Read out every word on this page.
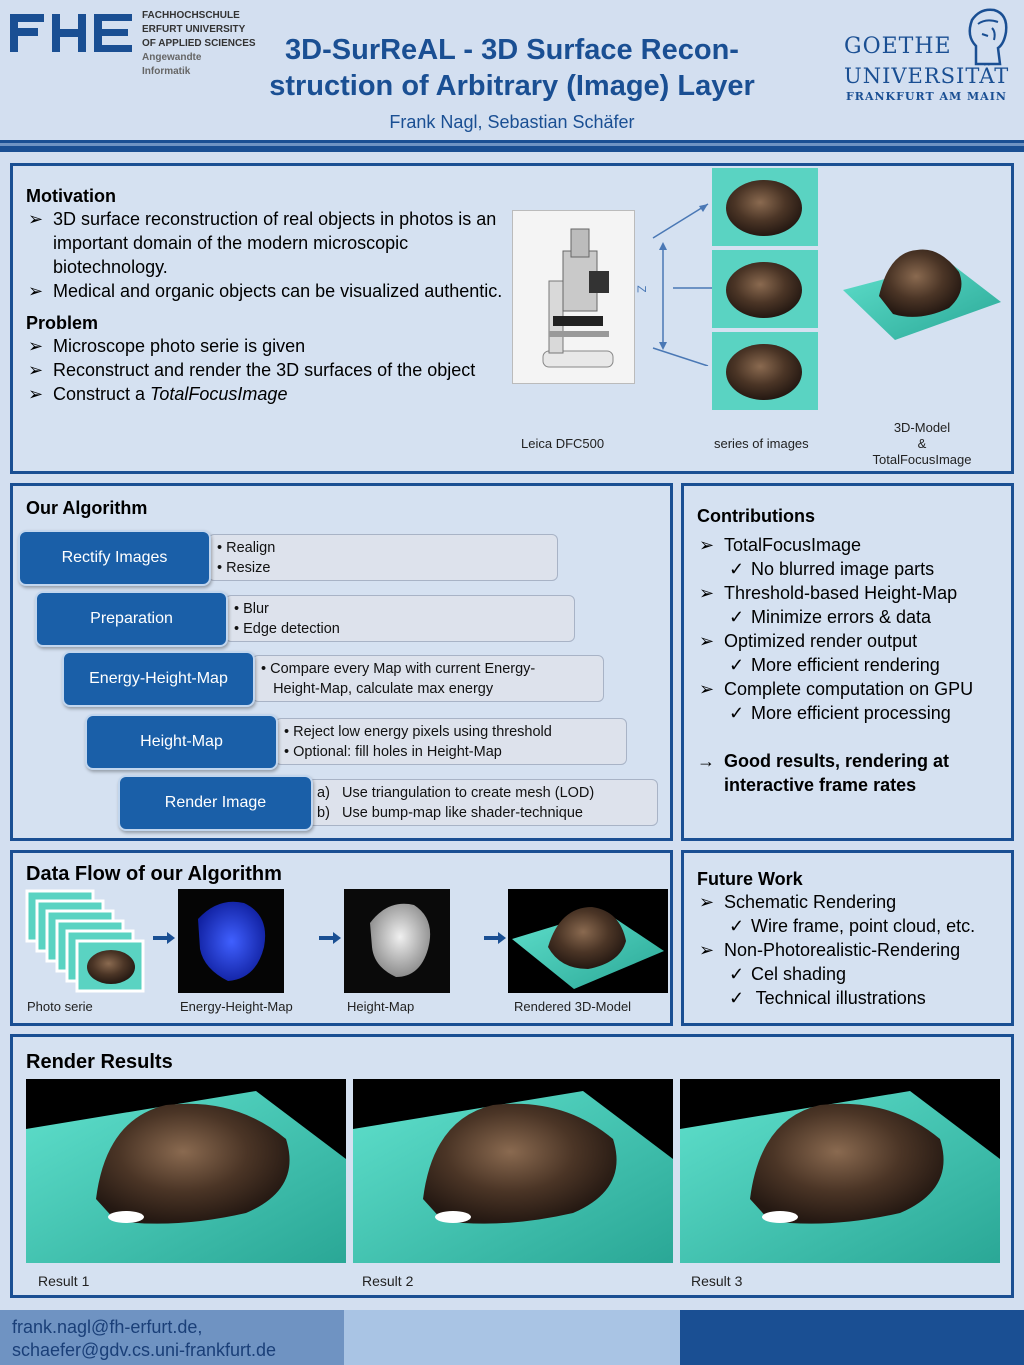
FACHHOCHSCHULE
ERFURT UNIVERSITY
OF APPLIED SCIENCES
Angewandte
Informatik
3D-SurReAL - 3D Surface Recon-
struction of Arbitrary (Image) Layer
Frank Nagl, Sebastian Schäfer
GOETHE
UNIVERSITÄT
FRANKFURT AM MAIN
Motivation
➢ 3D surface reconstruction of real objects in photos is an important domain of the modern microscopic biotechnology.
➢ Medical and organic objects can be visualized authentic.
Problem
➢ Microscope photo serie is given
➢ Reconstruct and render the 3D surfaces of the object
➢ Construct a TotalFocusImage
Leica DFC500
Z
series of images
3D-Model
&
TotalFocusImage
Our Algorithm
• Realign
• Resize
Rectify Images
• Blur
• Edge detection
Preparation
• Compare every Map with current Energy-
Height-Map, calculate max energy
Energy-Height-Map
• Reject low energy pixels using threshold
• Optional: fill holes in Height-Map
Height-Map
a)   Use triangulation to create mesh (LOD)
b)   Use bump-map like shader-technique
Render Image
Contributions
➢ TotalFocusImage
✓ No blurred image parts
➢ Threshold-based Height-Map
✓ Minimize errors & data
➢ Optimized render output
✓ More efficient rendering
➢ Complete computation on GPU
✓ More efficient processing
→ Good results, rendering at interactive frame rates
Data Flow of our Algorithm
Photo serie	Energy-Height-Map	Height-Map	Rendered 3D-Model
Future Work
➢ Schematic Rendering
✓ Wire frame, point cloud, etc.
➢ Non-Photorealistic-Rendering
✓ Cel shading
✓ Technical illustrations
Render Results
Result 1	Result 2	Result 3
frank.nagl@fh-erfurt.de,
schaefer@gdv.cs.uni-frankfurt.de
